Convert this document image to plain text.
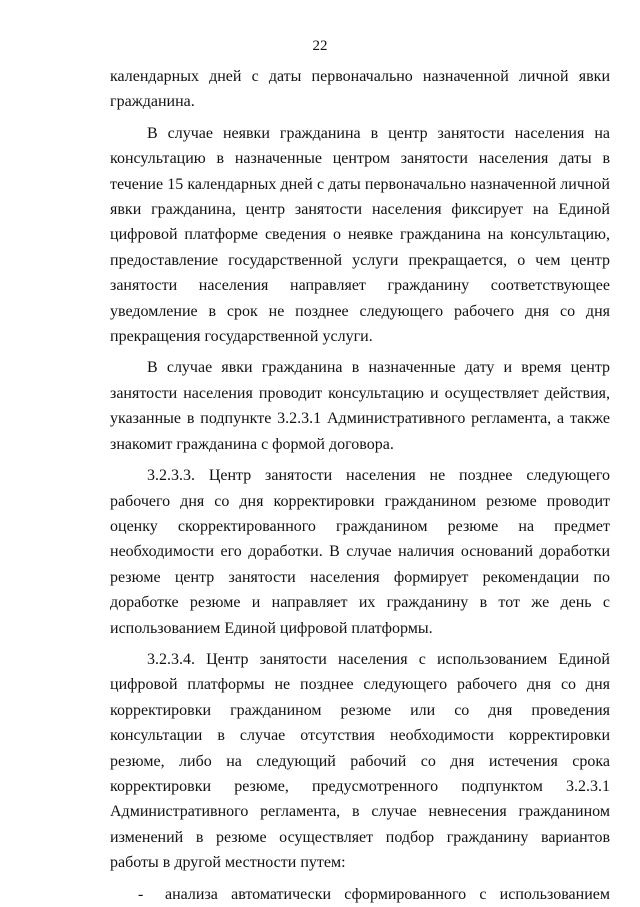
22

календарных дней с даты первоначально назначенной личной явки гражданина.

В случае неявки гражданина в центр занятости населения на консультацию в назначенные центром занятости населения даты в течение 15 календарных дней с даты первоначально назначенной личной явки гражданина, центр занятости населения фиксирует на Единой цифровой платформе сведения о неявке гражданина на консультацию, предоставление государственной услуги прекращается, о чем центр занятости населения направляет гражданину соответствующее уведомление в срок не позднее следующего рабочего дня со дня прекращения государственной услуги.

В случае явки гражданина в назначенные дату и время центр занятости населения проводит консультацию и осуществляет действия, указанные в подпункте 3.2.3.1 Административного регламента, а также знакомит гражданина с формой договора.

3.2.3.3. Центр занятости населения не позднее следующего рабочего дня со дня корректировки гражданином резюме проводит оценку скорректированного гражданином резюме на предмет необходимости его доработки. В случае наличия оснований доработки резюме центр занятости населения формирует рекомендации по доработке резюме и направляет их гражданину в тот же день с использованием Единой цифровой платформы.

3.2.3.4. Центр занятости населения с использованием Единой цифровой платформы не позднее следующего рабочего дня со дня корректировки гражданином резюме или со дня проведения консультации в случае отсутствия необходимости корректировки резюме, либо на следующий рабочий со дня истечения срока корректировки резюме, предусмотренного подпунктом 3.2.3.1 Административного регламента, в случае невнесения гражданином изменений в резюме осуществляет подбор гражданину вариантов работы в другой местности путем:

- анализа автоматически сформированного с использованием
